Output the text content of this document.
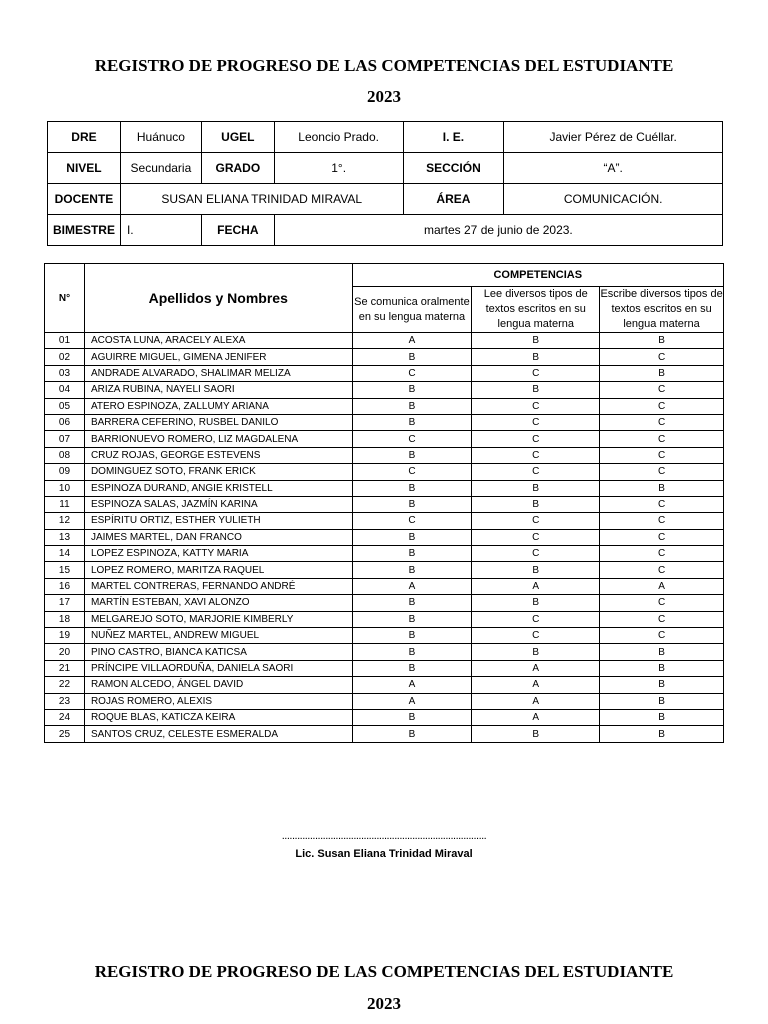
REGISTRO DE PROGRESO DE LAS COMPETENCIAS DEL ESTUDIANTE
2023
DRE	Huánuco	UGEL	Leoncio Prado.	I. E.	Javier Pérez de Cuéllar.
NIVEL	Secundaria	GRADO	1°.	SECCIÓN	“A”.
DOCENTE	SUSAN ELIANA TRINIDAD MIRAVAL			ÁREA	COMUNICACIÓN.
BIMESTRE	I.	FECHA	martes 27 de junio de 2023.		
N°	Apellidos y Nombres	COMPETENCIAS		
		Se comunica oralmente en su lengua materna	Lee diversos tipos de textos escritos en su lengua materna	Escribe diversos tipos de textos escritos en su lengua materna
01	ACOSTA LUNA, ARACELY ALEXA	A	B	B
02	AGUIRRE MIGUEL, GIMENA JENIFER	B	B	C
03	ANDRADE ALVARADO, SHALIMAR MELIZA	C	C	B
04	ARIZA RUBINA, NAYELI SAORI	B	B	C
05	ATERO ESPINOZA, ZALLUMY ARIANA	B	C	C
06	BARRERA CEFERINO, RUSBEL DANILO	B	C	C
07	BARRIONUEVO ROMERO, LIZ MAGDALENA	C	C	C
08	CRUZ ROJAS, GEORGE ESTEVENS	B	C	C
09	DOMINGUEZ SOTO, FRANK ERICK	C	C	C
10	ESPINOZA DURAND, ANGIE KRISTELL	B	B	B
11	ESPINOZA SALAS, JAZMÍN KARINA	B	B	C
12	ESPÍRITU ORTIZ, ESTHER YULIETH	C	C	C
13	JAIMES MARTEL, DAN FRANCO	B	C	C
14	LOPEZ ESPINOZA, KATTY MARIA	B	C	C
15	LOPEZ ROMERO, MARITZA RAQUEL	B	B	C
16	MARTEL CONTRERAS, FERNANDO ANDRÉ	A	A	A
17	MARTÍN ESTEBAN, XAVI ALONZO	B	B	C
18	MELGAREJO SOTO, MARJORIE KIMBERLY	B	C	C
19	NUÑEZ MARTEL, ANDREW MIGUEL	B	C	C
20	PINO CASTRO, BIANCA KATICSA	B	B	B
21	PRÍNCIPE VILLAORDUÑA, DANIELA SAORI	B	A	B
22	RAMON ALCEDO, ÁNGEL DAVID	A	A	B
23	ROJAS ROMERO, ALEXIS	A	A	B
24	ROQUE BLAS, KATICZA KEIRA	B	A	B
25	SANTOS CRUZ, CELESTE ESMERALDA	B	B	B
................................................................................
Lic. Susan Eliana Trinidad Miraval
REGISTRO DE PROGRESO DE LAS COMPETENCIAS DEL ESTUDIANTE
2023
